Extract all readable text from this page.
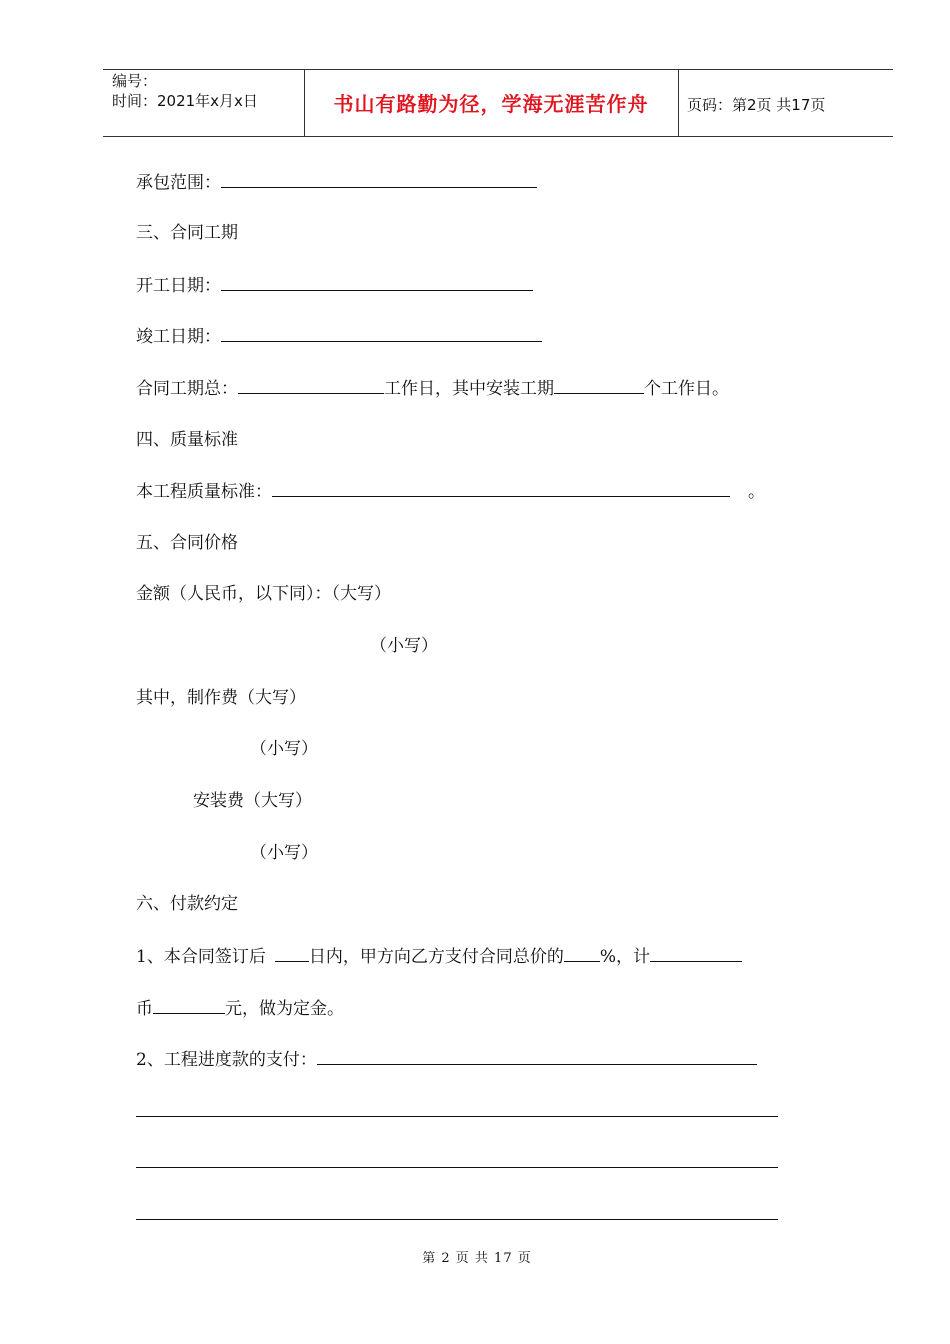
编号：
时间：2021年x月x日	书山有路勤为径，学海无涯苦作舟	页码：第2页 共17页
承包范围：
三、合同工期
开工日期：
竣工日期：
合同工期总：	工作日，其中安装工期	个工作日。
四、质量标准
本工程质量标准：	。
五、合同价格
金额（人民币，以下同）：（大写）
（小写）
其中，制作费（大写）
（小写）
安装费（大写）
（小写）
六、付款约定
1、本合同签订后	日内，甲方向乙方支付合同总价的 %，计
币	元，做为定金。
2、工程进度款的支付：
第 2 页 共 17 页
